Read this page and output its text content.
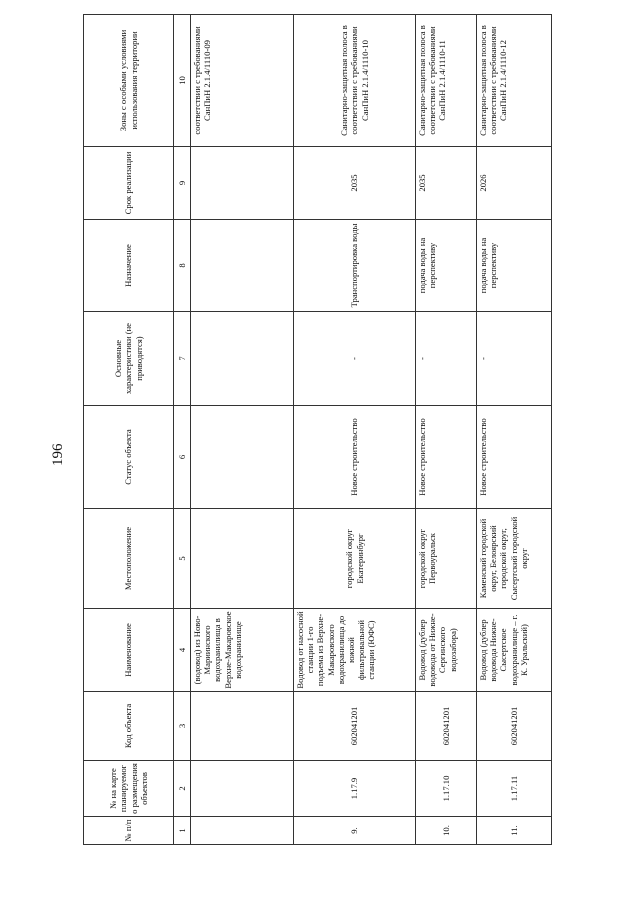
196
№ п/п	№ на карте планируемого размещения объектов	Код объекта	Наименование	Местоположение	Статус объекта	Основные характеристики (не приводятся)	Назначение	Срок реализации	Зоны с особыми условиями использования территории
1	2	3	4	5	6	7	8	9	10
			(водовод) из Ново-Мариинского водохранилища в Верхне-Макаровское водохранилище						соответствии с требованиями СанПиН 2.1.4/1110-09
9.	1.17.9	602041201	Водовод от насосной станции 1-го подъема из Верхне-Макаровского водохранилища до южной фильтровальной станции (ЮФС)	городской округ Екатеринбург	Новое строительство	-	Транспортировка воды	2035	Санитарно-защитная полоса в соответствии с требованиями СанПиН 2.1.4/1110-10
10.	1.17.10	602041201	Водовод (дублер водовода от Нижне-Сергинского водозабора)	городской округ Первоуральск	Новое строительство	-	подача воды на перспективу	2035	Санитарно-защитная полоса в соответствии с требованиями СанПиН 2.1.4/1110-11
11.	1.17.11	602041201	Водовод (дублер водовода Нижне-Сысертское водохранилище – г. К. Уральский)	Каменский городской округ, Белоярский городской округ, Сысертский городской округ	Новое строительство	-	подача воды на перспективу	2026	Санитарно-защитная полоса в соответствии с требованиями СанПиН 2.1.4/1110-12
